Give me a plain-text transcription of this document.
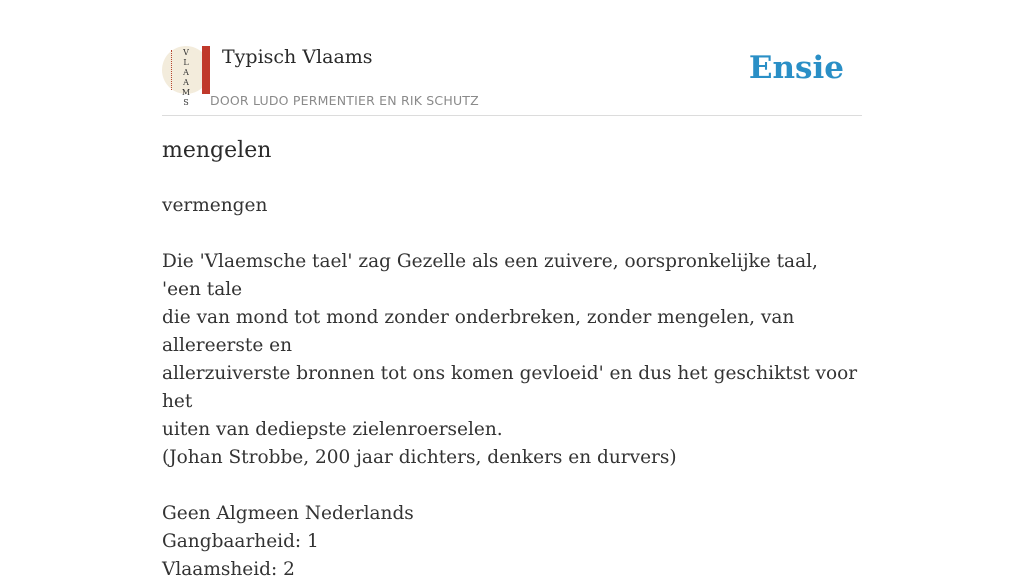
V
L
A
A
M
S
Typisch Vlaams
DOOR LUDO PERMENTIER EN RIK SCHUTZ
Ensie
mengelen

vermengen

Die 'Vlaemsche tael' zag Gezelle als een zuivere, oorspronkelijke taal, 'een tale

die van mond tot mond zonder onderbreken, zonder mengelen, van allereerste en

allerzuiverste bronnen tot ons komen gevloeid' en dus het geschiktst voor het

uiten van dediepste zielenroerselen.

(Johan Strobbe, 200 jaar dichters, denkers en durvers)

Geen Algmeen Nederlands

Gangbaarheid: 1

Vlaamsheid: 2
